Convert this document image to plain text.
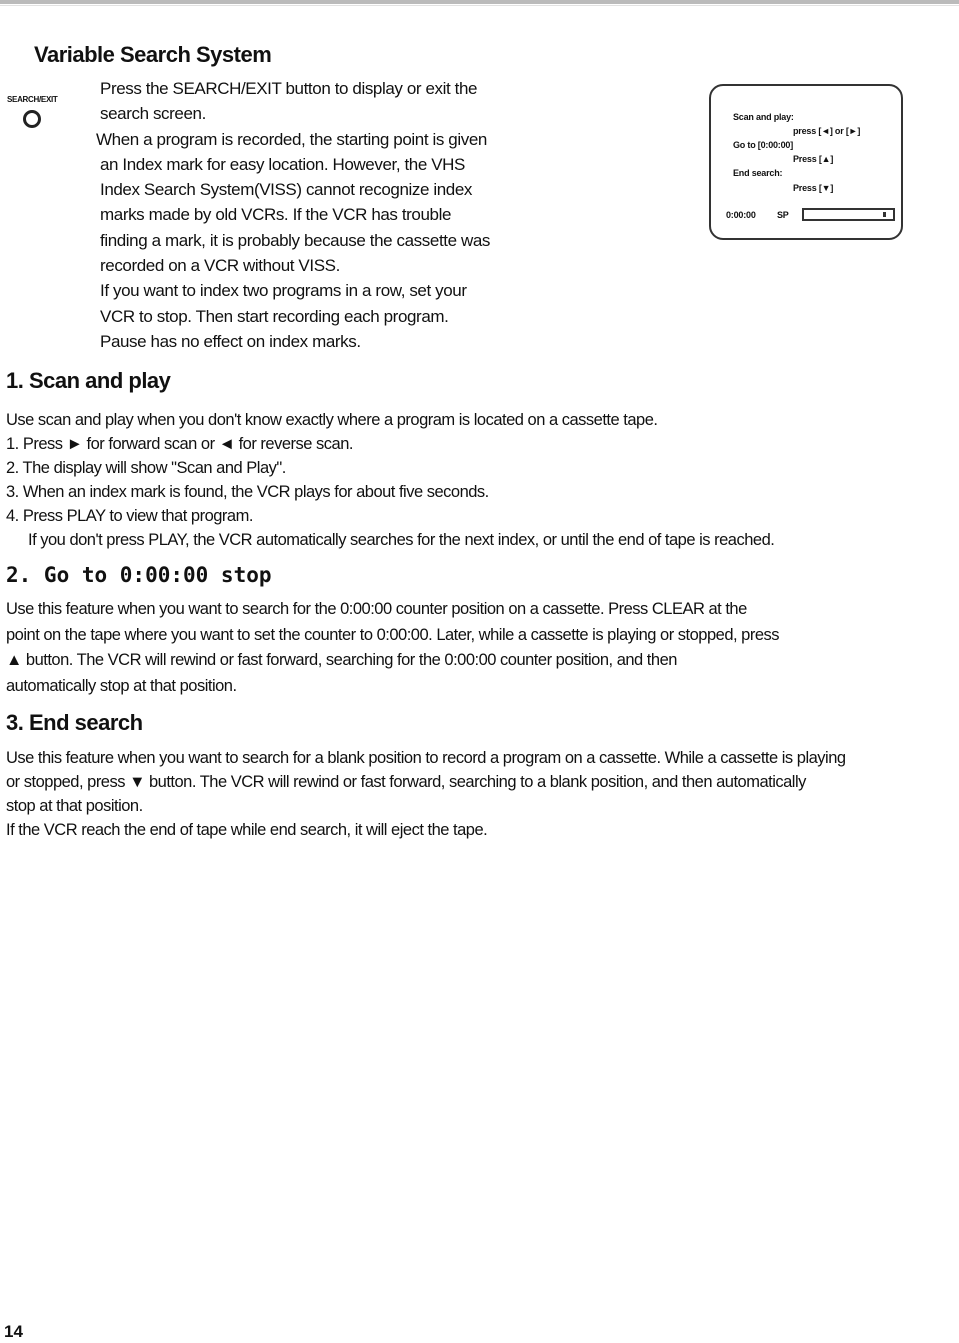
Variable Search System
SEARCH/EXIT

Press the SEARCH/EXIT button to display or exit the

search screen.

When a program is recorded, the starting point is given

an Index mark for easy location. However, the VHS

Index Search System(VISS) cannot recognize index

marks made by old VCRs. If the VCR has trouble

finding a mark, it is probably because the cassette was

recorded on a VCR without VISS.

If you want to index two programs in a row, set your

VCR to stop. Then start recording each program.

Pause has no effect on index marks.

Scan and play:
press [◄] or [►]
Go to [0:00:00]
Press [▲]
End search:
Press [▼]
0:00:00 SP
1. Scan and play

Use scan and play when you don't know exactly where a program is located on a cassette tape.

1. Press ► for forward scan or ◄ for reverse scan.

2. The display will show "Scan and Play".

3. When an index mark is found, the VCR plays for about five seconds.

4. Press PLAY to view that program.

If you don't press PLAY, the VCR automatically searches for the next index, or until the end of tape is reached.

2. Go to 0:00:00 stop

Use this feature when you want to search for the 0:00:00 counter position on a cassette. Press CLEAR at the

point on the tape where you want to set the counter to 0:00:00. Later, while a cassette is playing or stopped, press

▲ button. The VCR will rewind or fast forward, searching for the 0:00:00 counter position, and then

automatically stop at that position.

3. End search

Use this feature when you want to search for a blank position to record a program on a cassette. While a cassette is playing

or stopped, press ▼ button. The VCR will rewind or fast forward, searching to a blank position, and then automatically

stop at that position.

If the VCR reach the end of tape while end search, it will eject the tape.

14
